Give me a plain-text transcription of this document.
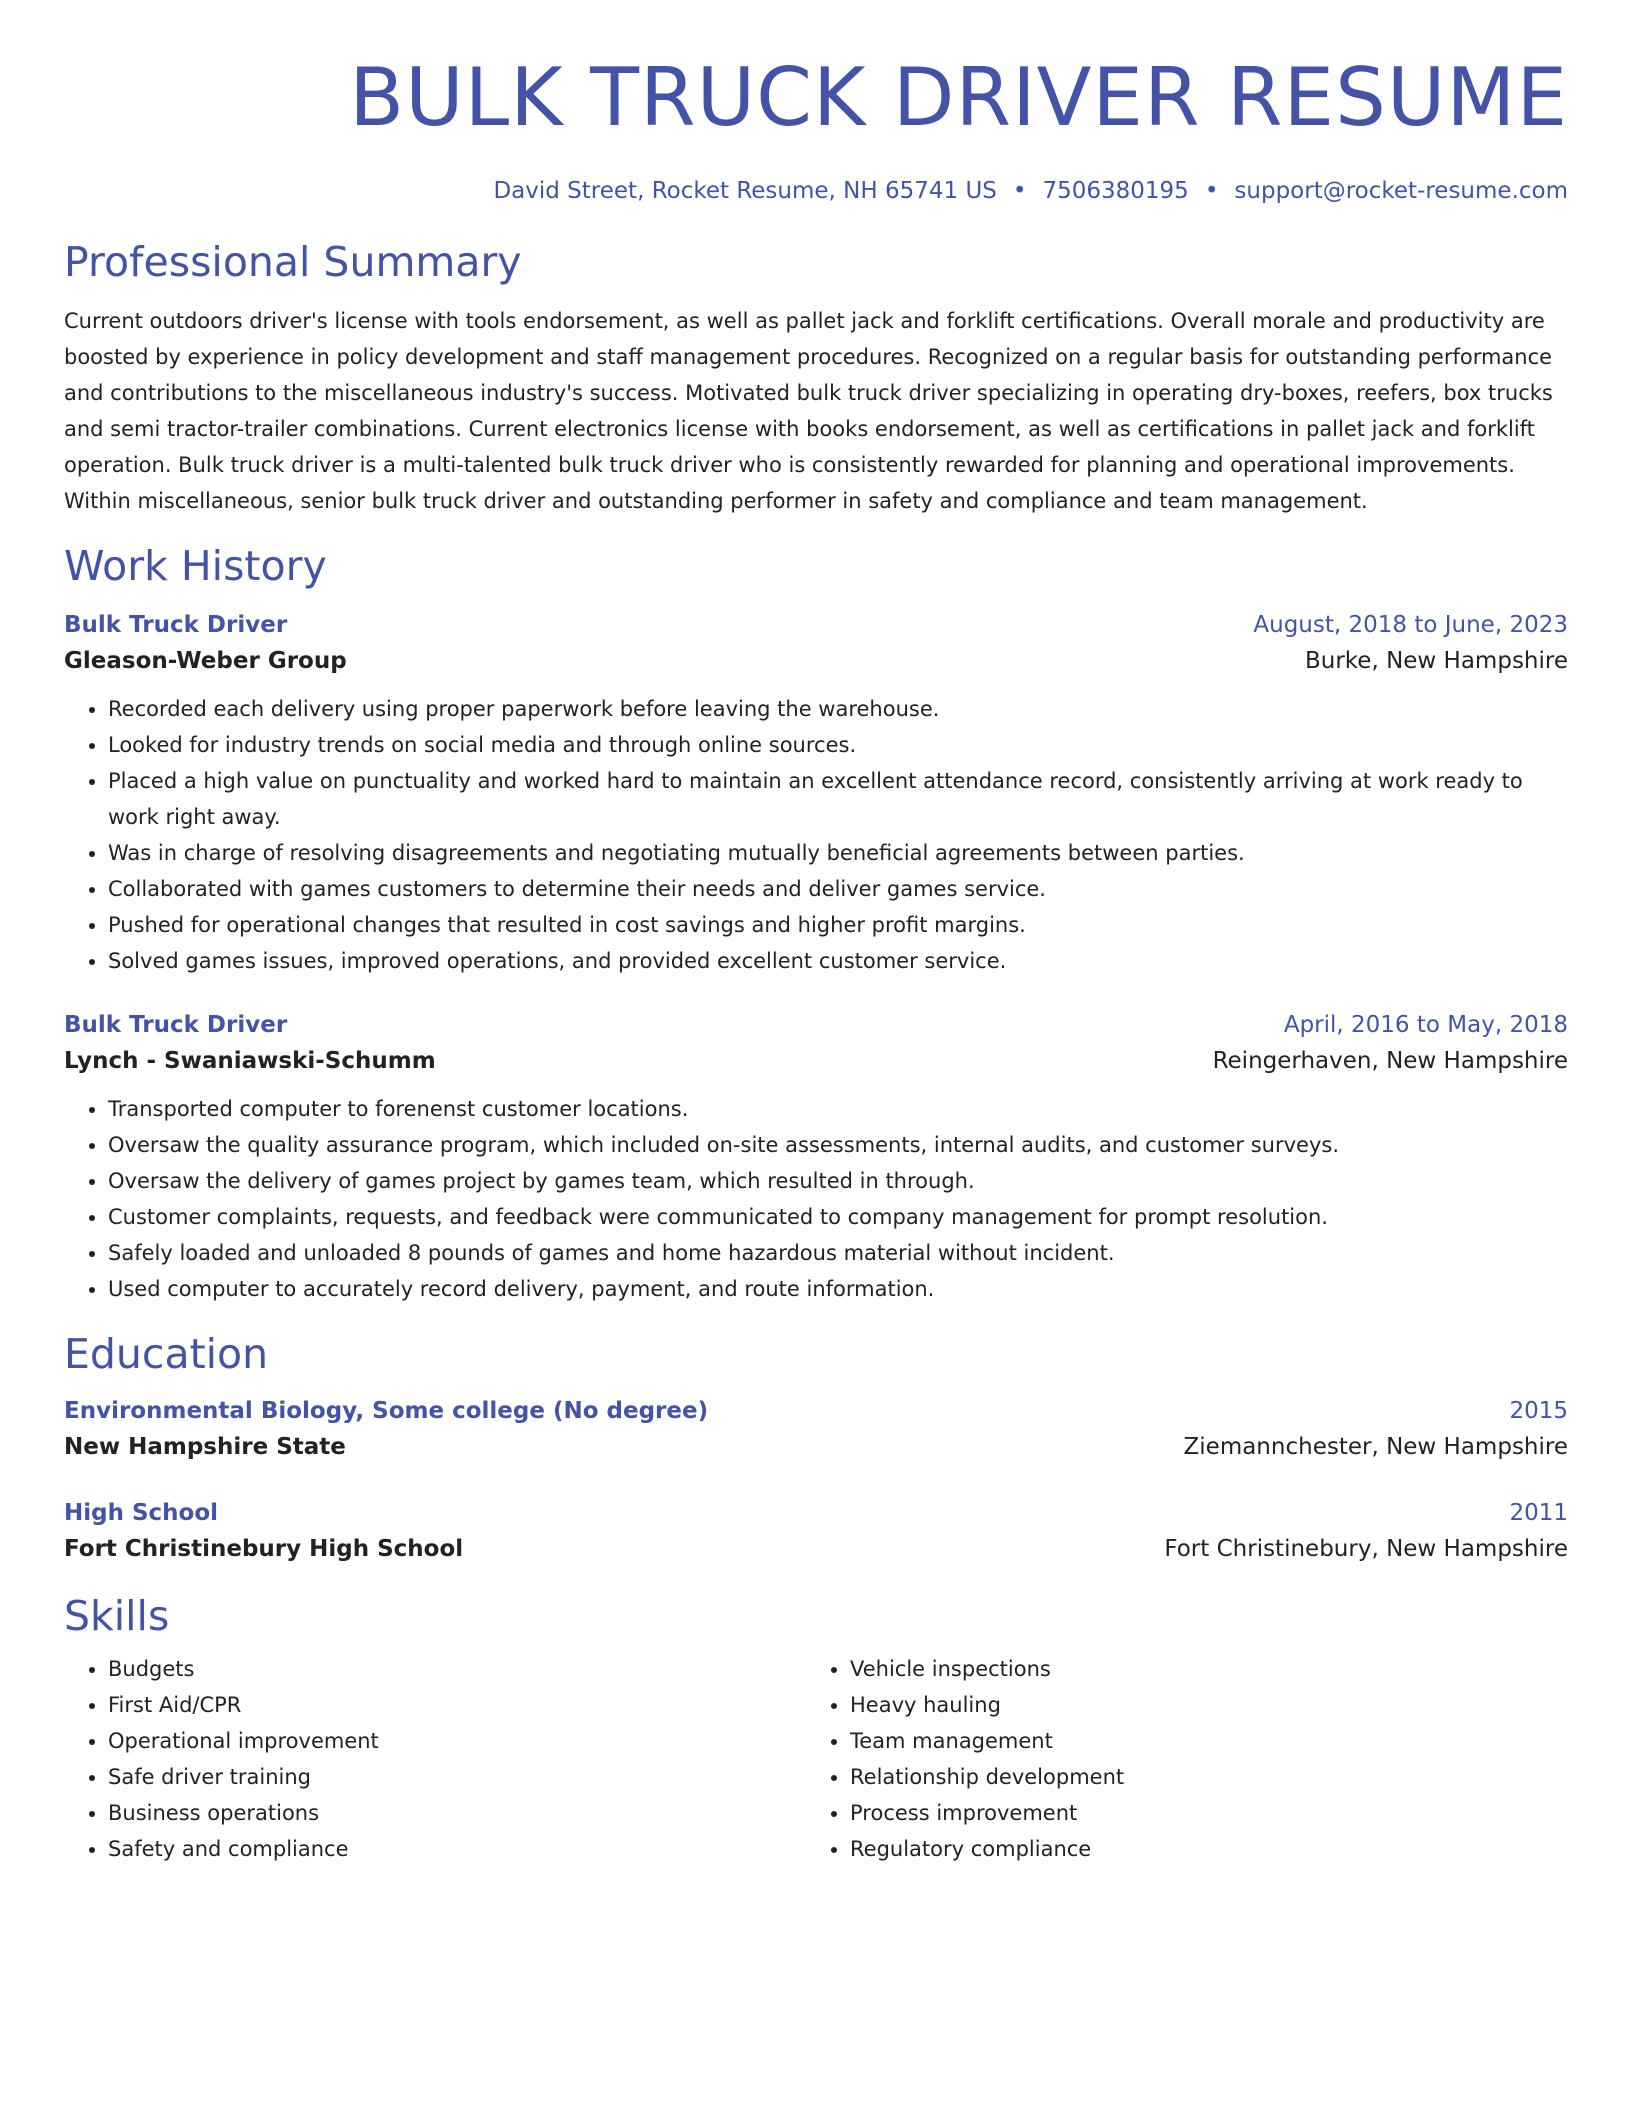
BULK TRUCK DRIVER RESUME
David Street, Rocket Resume, NH 65741 US • 7506380195 • support@rocket-resume.com
Professional Summary

Current outdoors driver's license with tools endorsement, as well as pallet jack and forklift certifications. Overall morale and productivity are boosted by experience in policy development and staff management procedures. Recognized on a regular basis for outstanding performance and contributions to the miscellaneous industry's success. Motivated bulk truck driver specializing in operating dry-boxes, reefers, box trucks and semi tractor-trailer combinations. Current electronics license with books endorsement, as well as certifications in pallet jack and forklift operation. Bulk truck driver is a multi-talented bulk truck driver who is consistently rewarded for planning and operational improvements. Within miscellaneous, senior bulk truck driver and outstanding performer in safety and compliance and team management.

Work History
Bulk Truck Driver	August, 2018 to June, 2023
Gleason-Weber Group	Burke, New Hampshire
• Recorded each delivery using proper paperwork before leaving the warehouse.
• Looked for industry trends on social media and through online sources.
• Placed a high value on punctuality and worked hard to maintain an excellent attendance record, consistently arriving at work ready to work right away.
• Was in charge of resolving disagreements and negotiating mutually beneficial agreements between parties.
• Collaborated with games customers to determine their needs and deliver games service.
• Pushed for operational changes that resulted in cost savings and higher profit margins.
• Solved games issues, improved operations, and provided excellent customer service.
Bulk Truck Driver	April, 2016 to May, 2018
Lynch - Swaniawski-Schumm	Reingerhaven, New Hampshire
• Transported computer to forenenst customer locations.
• Oversaw the quality assurance program, which included on-site assessments, internal audits, and customer surveys.
• Oversaw the delivery of games project by games team, which resulted in through.
• Customer complaints, requests, and feedback were communicated to company management for prompt resolution.
• Safely loaded and unloaded 8 pounds of games and home hazardous material without incident.
• Used computer to accurately record delivery, payment, and route information.
Education
Environmental Biology, Some college (No degree)	2015
New Hampshire State	Ziemannchester, New Hampshire
High School	2011
Fort Christinebury High School	Fort Christinebury, New Hampshire
Skills
• Budgets
• First Aid/CPR
• Operational improvement
• Safe driver training
• Business operations
• Safety and compliance
• Vehicle inspections
• Heavy hauling
• Team management
• Relationship development
• Process improvement
• Regulatory compliance
